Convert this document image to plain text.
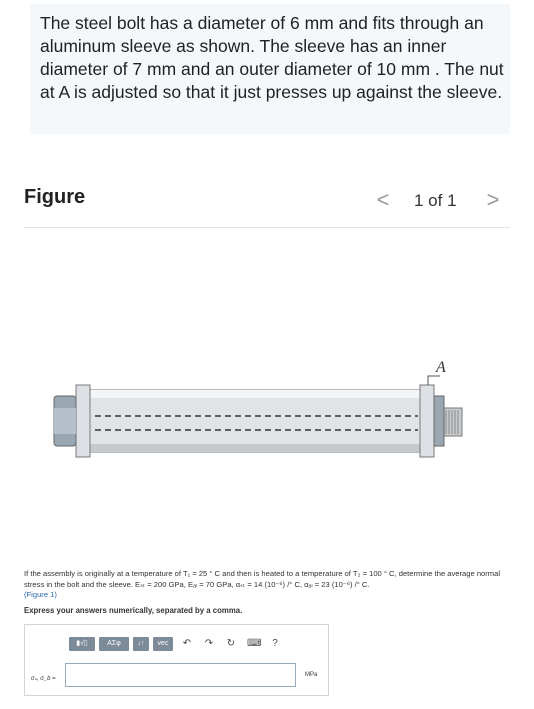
The steel bolt has a diameter of 6 mm and fits through an aluminum sleeve as shown. The sleeve has an inner diameter of 7 mm and an outer diameter of 10 mm . The nut at A is adjusted so that it just presses up against the sleeve.
Figure	<	1 of 1 >
A
If the assembly is originally at a temperature of T₁ = 25 ° C and then is heated to a temperature of T₂ = 100 ° C, determine the average normal stress in the bolt and the sleeve. Eₛₜ = 200 GPa, Eₐₗ = 70 GPa, αₛₜ = 14 (10⁻⁶) /° C, αₐₗ = 23 (10⁻⁶) /° C.
(Figure 1)
Express your answers numerically, separated by a comma.
▮√▯	ΑΣφ	↓↑	vec	↶ ↷ ↻ ⌨	?
σₛ, σ_b =
MPa
